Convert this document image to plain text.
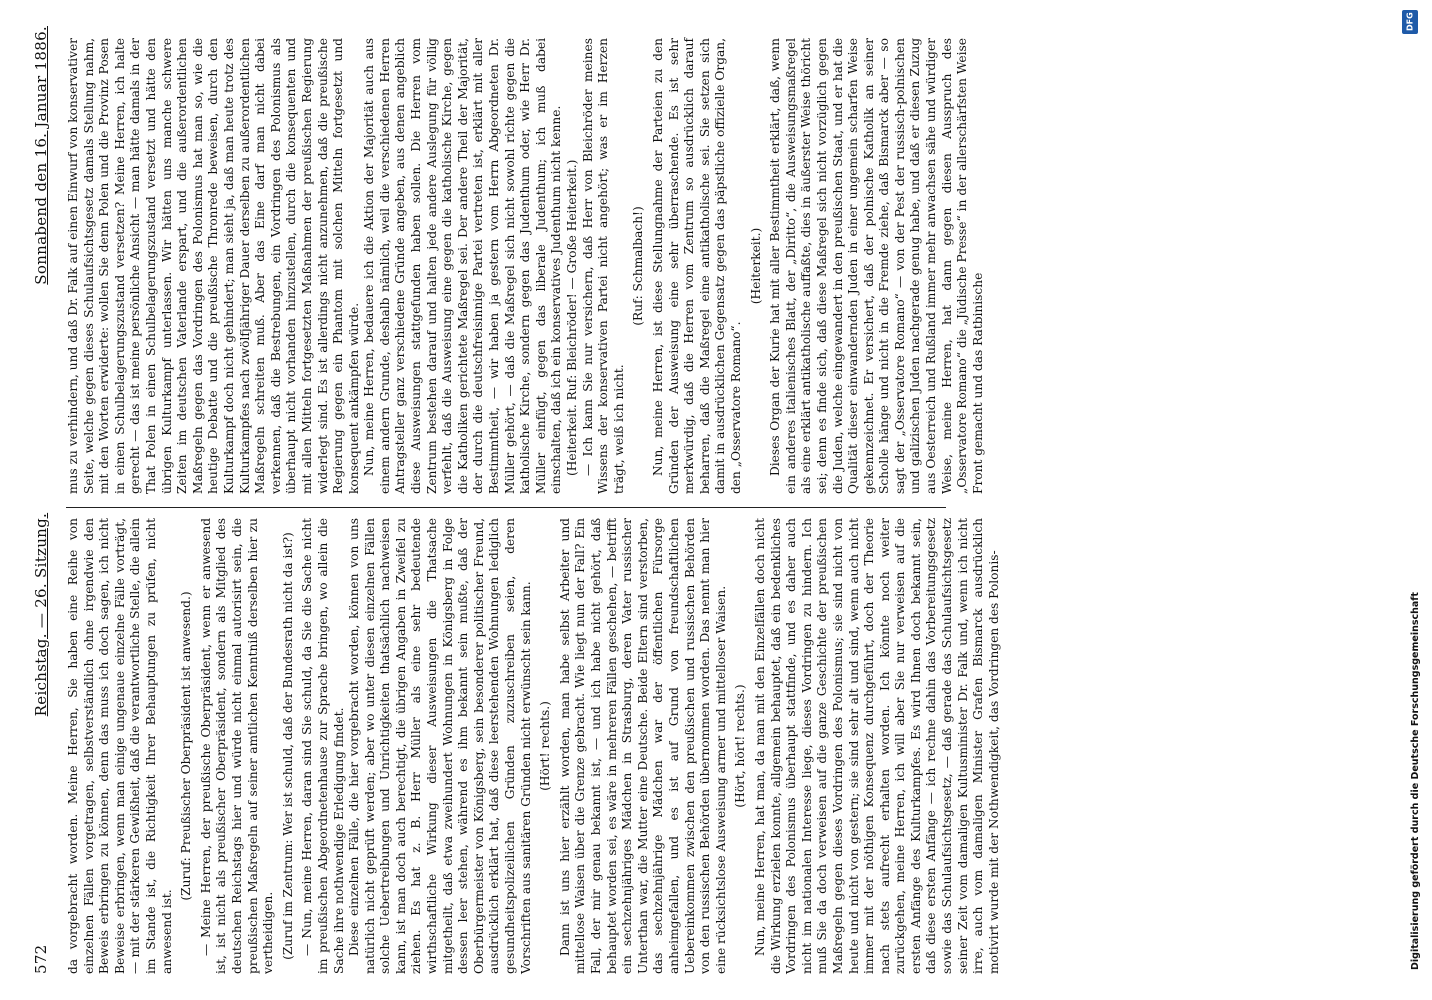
572
Reichstag. — 26. Sitzung.
Sonnabend den 16. Januar 1886.

da vorgebracht worden. Meine Herren, Sie haben eine Reihe von einzelnen Fällen vorgetragen, selbstverständlich ohne irgendwie den Beweis erbringen zu können, denn das muss ich doch sagen, ich nicht Beweise erbringen, wenn man einige ungenaue einzelne Fälle vorträgt, — mit der stärkeren Gewißheit, daß die verantwortliche Stelle, die allein im Stande ist, die Richtigkeit Ihrer Behauptungen zu prüfen, nicht anwesend ist.

(Zuruf: Preußischer Oberpräsident ist anwesend.) — Meine Herren, der preußische Oberpräsident, wenn er anwesend ist, ist nicht als preußischer Oberpräsident, sondern als Mitglied des deutschen Reichstags hier und würde nicht einmal autorisirt sein, die preußischen Maßregeln auf seiner amtlichen Kenntniß derselben hier zu vertheidigen. (Zuruf im Zentrum: Wer ist schuld, daß der Bundesrath nicht da ist?) — Nun, meine Herren, daran sind Sie schuld, da Sie die Sache nicht im preußischen Abgeordnetenhause zur Sprache bringen, wo allein die Sache ihre nothwendige Erledigung findet. Diese einzelnen Fälle, die hier vorgebracht worden, können von uns natürlich nicht geprüft werden; aber wo unter diesen einzelnen Fällen solche Uebertreibungen und Unrichtigkeiten thatsächlich nachweisen kann, ist man doch auch berechtigt, die übrigen Angaben in Zweifel zu ziehen. Es hat z. B. Herr Müller als eine sehr bedeutende wirthschaftliche Wirkung dieser Ausweisungen die Thatsache mitgetheilt, daß etwa zweihundert Wohnungen in Königsberg in Folge dessen leer stehen, während es ihm bekannt sein mußte, daß der Oberbürgermeister von Königsberg, sein besonderer politischer Freund, ausdrücklich erklärt hat, daß diese leerstehenden Wohnungen lediglich gesundheitspolizeilichen Gründen zuzuschreiben seien, deren Vorschriften aus sanitären Gründen nicht erwünscht sein kann. (Hört! rechts.) Dann ist uns hier erzählt worden, man habe selbst Arbeiter und mittellose Waisen über die Grenze gebracht. Wie liegt nun der Fall? Ein Fall, der mir genau bekannt ist, — und ich habe nicht gehört, daß behauptet worden sei, es wäre in mehreren Fällen geschehen, — betrifft ein sechzehnjähriges Mädchen in Strasburg, deren Vater russischer Unterthan war, die Mutter eine Deutsche. Beide Eltern sind verstorben, das sechzehnjährige Mädchen war der öffentlichen Fürsorge anheimgefallen, und es ist auf Grund von freundschaftlichen Uebereinkommen zwischen den preußischen und russischen Behörden von den russischen Behörden übernommen worden. Das nennt man hier eine rücksichtslose Ausweisung armer und mittelloser Waisen. (Hört, hört! rechts.) Nun, meine Herren, hat man, da man mit den Einzelfällen doch nicht die Wirkung erzielen konnte, allgemein behauptet, daß ein bedenkliches Vordringen des Polonismus überhaupt stattfinde, und es daher auch nicht im nationalen Interesse liege, dieses Vordringen zu hindern. Ich muß Sie da doch verweisen auf die ganze Geschichte der preußischen Maßregeln gegen dieses Vordringen des Polonismus; sie sind nicht von heute und nicht von gestern; sie sind sehr alt und sind, wenn auch nicht immer mit der nöthigen Konsequenz durchgeführt, doch der Theorie nach stets aufrecht erhalten worden. Ich könnte noch weiter zurückgehen, meine Herren, ich will aber Sie nur verweisen auf die ersten Anfänge des Kulturkampfes. Es wird Ihnen doch bekannt sein, daß diese ersten Anfänge — ich rechne dahin das Vorbereitungsgesetz sowie das Schulaufsichtsgesetz, — daß gerade das Schulaufsichtsgesetz seiner Zeit vom damaligen Kultusminister Dr. Falk und, wenn ich nicht irre, auch vom damaligen Minister Grafen Bismarck ausdrücklich motivirt wurde mit der Nothwendigkeit, das Vordringen des Polonis-

mus zu verhindern, und daß Dr. Falk auf einen Einwurf von konservativer Seite, welche gegen dieses Schulaufsichtsgesetz damals Stellung nahm, mit den Worten erwiderte: wollen Sie denn Polen und die Provinz Posen in einen Schulbelagerungszustand versetzen? Meine Herren, ich halte gerecht — das ist meine persönliche Ansicht — man hätte damals in der That Polen in einen Schulbelagerungszustand versetzt und hätte den übrigen Kulturkampf unterlassen. Wir hätten uns manche schwere Zeiten im deutschen Vaterlande erspart, und die außerordentlichen Maßregeln gegen das Vordringen des Polonismus hat man so, wie die heutige Debatte und die preußische Thronrede beweisen, durch den Kulturkampf doch nicht gehindert; man sieht ja, daß man heute trotz des Kulturkampfes nach zwölfjähriger Dauer derselben zu außerordentlichen Maßregeln schreiten muß. Aber das Eine darf man nicht dabei verkennen, daß die Bestrebungen, ein Vordringen des Polonismus als überhaupt nicht vorhanden hinzustellen, durch die konsequenten und mit allen Mitteln fortgesetzten Maßnahmen der preußischen Regierung widerlegt sind. Es ist allerdings nicht anzunehmen, daß die preußische Regierung gegen ein Phantom mit solchen Mitteln fortgesetzt und konsequent ankämpfen würde. Nun, meine Herren, bedauere ich die Aktion der Majorität auch aus einem andern Grunde, deshalb nämlich, weil die verschiedenen Herren Antragsteller ganz verschiedene Gründe angeben, aus denen angeblich diese Ausweisungen stattgefunden haben sollen. Die Herren vom Zentrum bestehen darauf und halten jede andere Auslegung für völlig verfehlt, daß die Ausweisung eine gegen die katholische Kirche, gegen die Katholiken gerichtete Maßregel sei. Der andere Theil der Majorität, der durch die deutschfreisinnige Partei vertreten ist, erklärt mit aller Bestimmtheit, — wir haben ja gestern vom Herrn Abgeordneten Dr. Müller gehört, — daß die Maßregel sich nicht sowohl richte gegen die katholische Kirche, sondern gegen das Judenthum oder, wie Herr Dr. Müller einfügt, gegen das liberale Judenthum; ich muß dabei einschalten, daß ich ein konservatives Judenthum nicht kenne. (Heiterkeit. Ruf: Bleichröder! — Große Heiterkeit.) — Ich kann Sie nur versichern, daß Herr von Bleichröder meines Wissens der konservativen Partei nicht angehört; was er im Herzen trägt, weiß ich nicht.

(Ruf: Schmalbach!) Nun, meine Herren, ist diese Stellungnahme der Parteien zu den Gründen der Ausweisung eine sehr überraschende. Es ist sehr merkwürdig, daß die Herren vom Zentrum so ausdrücklich darauf beharren, daß die Maßregel eine antikatholische sei. Sie setzen sich damit in ausdrücklichen Gegensatz gegen das päpstliche offizielle Organ, den „Osservatore Romano“.

(Heiterkeit.) Dieses Organ der Kurie hat mit aller Bestimmtheit erklärt, daß, wenn ein anderes italienisches Blatt, der „Diritto“, die Ausweisungsmaßregel als eine erklärt antikatholische auffaßte, dies in äußerster Weise thöricht sei; denn es finde sich, daß diese Maßregel sich nicht vorzüglich gegen die Juden, welche eingewandert in den preußischen Staat, und er hat die Qualität dieser einwandernden Juden in einer ungemein scharfen Weise gekennzeichnet. Er versichert, daß der polnische Katholik an seiner Scholle hänge und nicht in die Fremde ziehe, daß Bismarck aber — so sagt der „Osservatore Romano“ — von der Pest der russisch-polnischen und galizischen Juden nachgerade genug habe, und daß er diesen Zuzug aus Oesterreich und Rußland immer mehr anwachsen sähe und würdiger Weise, meine Herren, hat dann gegen diesen Ausspruch des „Osservatore Romano“ die „Jüdische Presse“ in der allerschärfsten Weise Front gemacht und das Ratbinische

DFG
Digitalisierung gefördert durch die Deutsche Forschungsgemeinschaft
